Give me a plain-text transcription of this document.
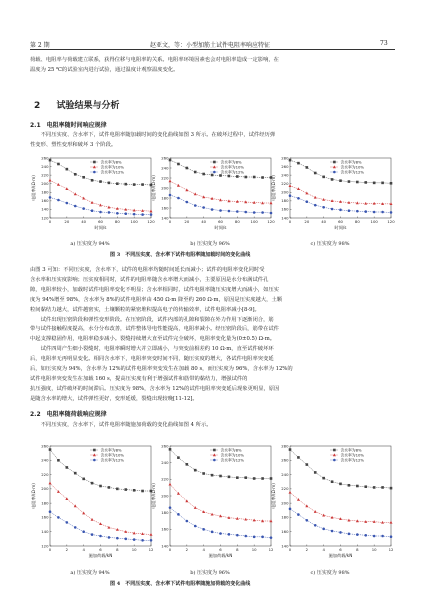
第 2 期	赵亚文，等：小型加筋土试件电阻率响应特征	73
荷载、电阻率与荷载建立联系，获得位移与电阻率的关系。电阻率环境因素也会对电阻率造成一定影响，在
温度为 25 ℃的试验室内进行试验，通过温度计观察温度变化。
2 试验结果与分析
2.1　电阻率随时间响应规律
　　不同压实度、含水率下，试件电阻率随加载时间的变化曲线如图 3 所示。在破坏过程中，试件经历弹
性变形、塑性变形和破坏 3 个阶段。
0	20	40	60	80	100	120
120
140
160
180
200
220
240
260
时间/s
电阻率/(Ω·m)
含水率为8%
含水率为10%
含水率为12%
0	20	40	60	80	100	120
140
160
180
200
220
240
260
时间/s
电阻率/(Ω·m)
含水率为8%
含水率为10%
含水率为12%
0	20	40	60	80	100	120
140
160
180
200
220
240
260
280
时间/s
电阻率/(Ω·m)
含水率为8%
含水率为10%
含水率为12%
a) 压实度为 94%	b) 压实度为 96%	c) 压实度为 98%
图 3　不同压实度、含水率下试件电阻率随加载时间的变化曲线
由图 3 可知：不同压实度，含水率下，试件的电阻率均随时间延长而减小；试件的电阻率变化同时受
含水率和压实度影响；压实度相同时，试件的电阻率随含水率增大而减小，主要原因是水分布满试件孔
隙，电阻率较小，加载时试件电阻率变化不明显；含水率相同时，试件电阻率随压实度增大而减小，如压实
度为 94%增至 98%，含水率为 8%的试件电阻率由 450 Ω·m 降至约 260 Ω·m，原因是压实度越大，土颗
粒间黏结力越大，试件越密实，土壤颗粒的紧密堆积提高电子的传输效率，试件电阻率减小[8-9]。
　　试件出现压密阶段和弹性变形阶段。在压密阶段，试件内部的孔隙和裂隙在外力作用下逐渐闭合，筋
带与试件接触程度提高，水分分布改善，试件整体导电性能提高，电阻率减小。经压密阶段后，筋带在试件
中起支撑稳固作用，电阻率稳步减小。裂缝持续增大直至试件完全破坏，电阻率变化量为(0±0.5) Ω·m。
　　试件四周产生细小裂缝时，电阻率瞬时增大并立即减小，与突变前相差约 10 Ω·m，直至试件破坏环
后，电阻率无再明显变化。相同含水率下，电阻率突变时间不同，随压实度的增大，各试件电阻率突变延
后，如压实度为 94%，含水率为 12%的试件电阻率突变发生在加载 80 s，而压实度为 96%，含水率为 12%的
试件电阻率突变发生在加载 160 s，提高压实度有利于增强试件和筋带的黏结力，增强试件的
抗压强度，试件破坏的时间滞后。压实度为 98%，含水率为 12%的试件电阻率突变延后现象更明显，原因
是随含水率的增大，试件弹性更好，变形延缓，裂缝出现较晚[11-12]。
2.2　电阻率随荷载响应规律
　　不同压实度，含水率下，试件电阻率随施加荷载的变化曲线如图 4 所示。
0	2	4	6	8	10	12
120
140
160
180
200
220
240
260
施加荷载/kN
电阻率/(Ω·m)
含水率为8%
含水率为10%
含水率为12%
0	2	4	6	8	10	12
140
160
180
200
220
240
260
施加荷载/kN
电阻率/(Ω·m)
含水率为8%
含水率为10%
含水率为12%
0	2	4	6	8	10	12
140
160
180
200
220
240
260
280
施加荷载/kN
电阻率/(Ω·m)
含水率为8%
含水率为10%
含水率为12%
a) 压实度为 94%	b) 压实度为 96%	c) 压实度为 98%
图 4　不同压实度、含水率下试件电阻率随施加荷载的变化曲线
